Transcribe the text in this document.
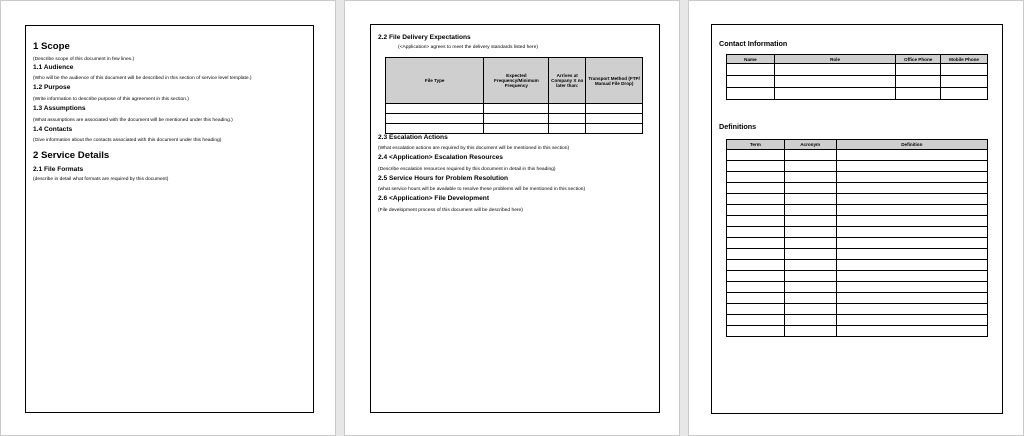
1 Scope
(Describe scope of this document in few lines.)
1.1 Audience
(Who will be the audience of this document will be described in this section of service level template.)
1.2 Purpose
(Write information to describe purpose of this agreement in this section.)
1.3 Assumptions
(What assumptions are associated with the document will be mentioned under this heading.)
1.4 Contacts
(Give information about the contacts associated with this document under this heading)
2 Service Details
2.1 File Formats
(describe in detail what formats are required by this document)
2.2 File Delivery Expectations
(<Application> agrees to meet the delivery standards listed here)
File Type	Expected Frequency/Minimum Frequency	Arrives at Company X no later than:	Transport Method (FTP/ Manual File Drop)

2.3 Escalation Actions
(What escalation actions are required by this document will be mentioned in this section)
2.4 <Application> Escalation Resources
(Describe escalation resources required by this document in detail in this heading)
2.5 Service Hours for Problem Resolution
(what service hours will be available to resolve these problems will be mentioned in this section)
2.6 <Application> File Development
(File development process of this document will be described here)
Contact Information
Name	Role	Office Phone	Mobile Phone

Definitions
Term	Acronym	Definition
